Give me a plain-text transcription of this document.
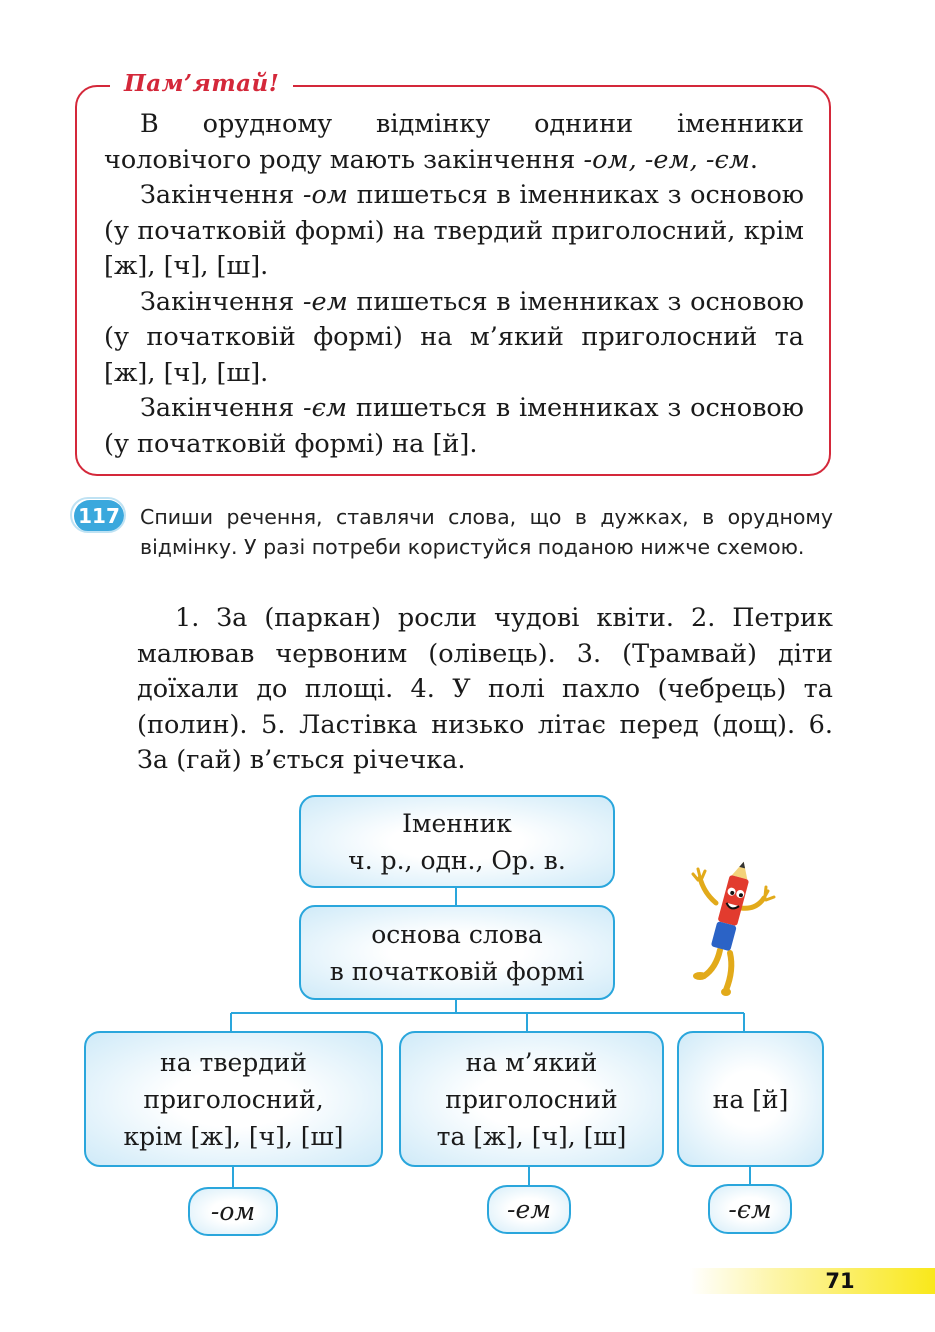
Пам’ятай!

В орудному відмінку однини іменники чоловічого роду мають закінчення -ом, -ем, -єм.

Закінчення -ом пишеться в іменниках з основою (у початковій формі) на твердий приголосний, крім [ж], [ч], [ш].

Закінчення -ем пишеться в іменниках з основою (у початковій формі) на м’який приголосний та [ж], [ч], [ш].

Закінчення -єм пишеться в іменниках з основою (у початковій формі) на [й].

117 Спиши речення, ставлячи слова, що в дужках, в орудному відмінку. У разі потреби користуйся поданою нижче схемою.

1. За (паркан) росли чудові квіти. 2. Петрик малював червоним (олівець). 3. (Трамвай) діти доїхали до площі. 4. У полі пахло (чебрець) та (полин). 5. Ластівка низько літає перед (дощ). 6. За (гай) в’ється річечка.

Іменник
ч. р., одн., Ор. в.
основа слова
в початковій формі
на твердий
приголосний,
крім [ж], [ч], [ш]
на м’який
приголосний
та [ж], [ч], [ш]
на [й]
-ом	-ем	-єм
71
